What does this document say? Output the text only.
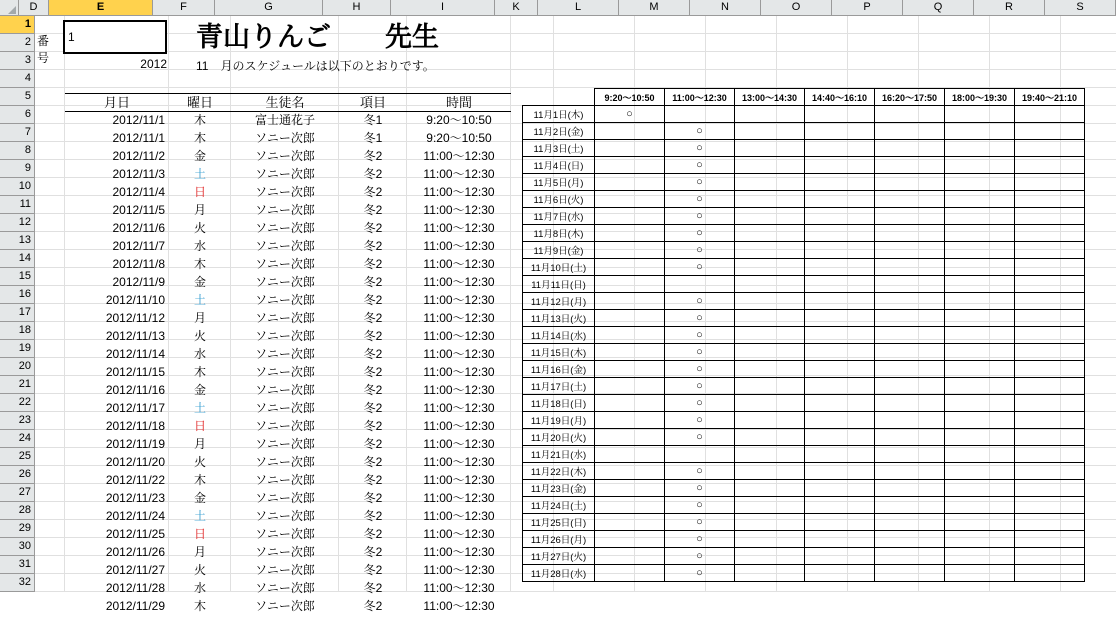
D	E	F	G	H	I	K	L	M	N	O	P	Q	R	S
1
2
3
4
5
6
7
8
9
10
11
12
13
14
15
16
17
18
19
20
21
22
23
24
25
26
27
28
29
30
31
32
番号
1	青山りんご　　先生
2012 11　月のスケジュールは以下のとおりです。
月日	曜日	生徒名	項目	時間
2012/11/1	木	富士通花子	冬1	9:20〜10:50
2012/11/1	木	ソニー次郎	冬1	9:20〜10:50
2012/11/2	金	ソニー次郎	冬2	11:00〜12:30
2012/11/3	土	ソニー次郎	冬2	11:00〜12:30
2012/11/4	日	ソニー次郎	冬2	11:00〜12:30
2012/11/5	月	ソニー次郎	冬2	11:00〜12:30
2012/11/6	火	ソニー次郎	冬2	11:00〜12:30
2012/11/7	水	ソニー次郎	冬2	11:00〜12:30
2012/11/8	木	ソニー次郎	冬2	11:00〜12:30
2012/11/9	金	ソニー次郎	冬2	11:00〜12:30
2012/11/10	土	ソニー次郎	冬2	11:00〜12:30
2012/11/12	月	ソニー次郎	冬2	11:00〜12:30
2012/11/13	火	ソニー次郎	冬2	11:00〜12:30
2012/11/14	水	ソニー次郎	冬2	11:00〜12:30
2012/11/15	木	ソニー次郎	冬2	11:00〜12:30
2012/11/16	金	ソニー次郎	冬2	11:00〜12:30
2012/11/17	土	ソニー次郎	冬2	11:00〜12:30
2012/11/18	日	ソニー次郎	冬2	11:00〜12:30
2012/11/19	月	ソニー次郎	冬2	11:00〜12:30
2012/11/20	火	ソニー次郎	冬2	11:00〜12:30
2012/11/22	木	ソニー次郎	冬2	11:00〜12:30
2012/11/23	金	ソニー次郎	冬2	11:00〜12:30
2012/11/24	土	ソニー次郎	冬2	11:00〜12:30
2012/11/25	日	ソニー次郎	冬2	11:00〜12:30
2012/11/26	月	ソニー次郎	冬2	11:00〜12:30
2012/11/27	火	ソニー次郎	冬2	11:00〜12:30
2012/11/28	水	ソニー次郎	冬2	11:00〜12:30
2012/11/29	木	ソニー次郎	冬2	11:00〜12:30
	9:20〜10:50	11:00〜12:30	13:00〜14:30	14:40〜16:10	16:20〜17:50	18:00〜19:30	19:40〜21:10
11月1日(木)	○						
11月2日(金)		○					
11月3日(土)		○					
11月4日(日)		○					
11月5日(月)		○					
11月6日(火)		○					
11月7日(水)		○					
11月8日(木)		○					
11月9日(金)		○					
11月10日(土)		○					
11月11日(日)							
11月12日(月)		○					
11月13日(火)		○					
11月14日(水)		○					
11月15日(木)		○					
11月16日(金)		○					
11月17日(土)		○					
11月18日(日)		○					
11月19日(月)		○					
11月20日(火)		○					
11月21日(水)							
11月22日(木)		○					
11月23日(金)		○					
11月24日(土)		○					
11月25日(日)		○					
11月26日(月)		○					
11月27日(火)		○					
11月28日(水)		○					
